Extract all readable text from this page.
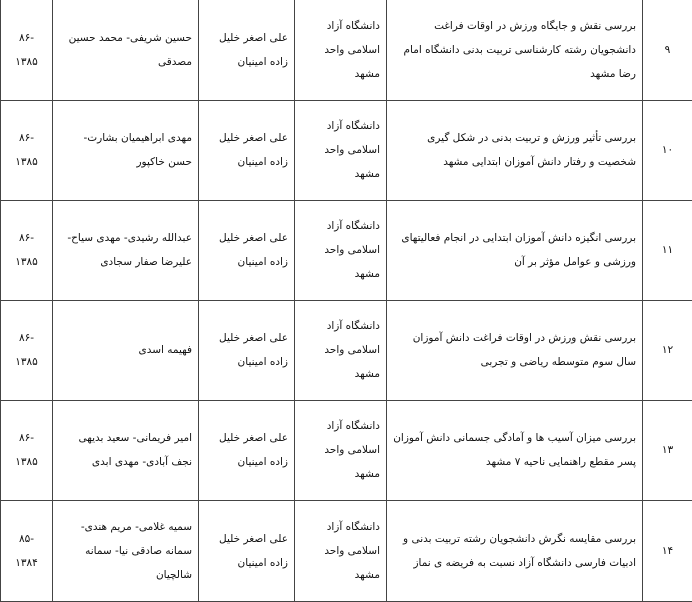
۹	بررسی نقش و جایگاه ورزش در اوقات فراغت دانشجویان رشته کارشناسی تربیت بدنی دانشگاه امام رضا مشهد	دانشگاه آزاد اسلامی واحد مشهد	علی اصغر خلیل زاده امینیان	حسین شریفی- محمد حسین مصدقی	-۸۶
۱۳۸۵

۱۰	بررسی تأثیر ورزش و تربیت بدنی در شکل گیری شخصیت و رفتار دانش آموزان ابتدایی مشهد	دانشگاه آزاد اسلامی واحد مشهد	علی اصغر خلیل زاده امینیان	مهدی ابراهیمیان بشارت- حسن خاکپور	-۸۶
۱۳۸۵

۱۱	بررسی انگیزه دانش آموزان ابتدایی در انجام فعالیتهای ورزشی و عوامل مؤثر بر آن	دانشگاه آزاد اسلامی واحد مشهد	علی اصغر خلیل زاده امینیان	عبدالله رشیدی- مهدی سیاح- علیرضا صفار سجادی	-۸۶
۱۳۸۵

۱۲	بررسی نقش ورزش در اوقات فراغت دانش آموزان سال سوم متوسطه ریاضی و تجربی	دانشگاه آزاد اسلامی واحد مشهد	علی اصغر خلیل زاده امینیان	فهیمه اسدی	-۸۶
۱۳۸۵

۱۳	بررسی میزان آسیب ها و آمادگی جسمانی دانش آموزان پسر مقطع راهنمایی ناحیه ۷ مشهد	دانشگاه آزاد اسلامی واحد مشهد	علی اصغر خلیل زاده امینیان	امیر فریمانی- سعید بدیهی نجف آبادی- مهدی ابدی	-۸۶
۱۳۸۵

۱۴	بررسی مقایسه نگرش دانشجویان رشته تربیت بدنی و ادبیات فارسی دانشگاه آزاد نسبت به فریضه ی نماز	دانشگاه آزاد اسلامی واحد مشهد	علی اصغر خلیل زاده امینیان	سمیه غلامی- مریم هندی- سمانه صادقی نیا- سمانه شالچیان	-۸۵
۱۳۸۴
